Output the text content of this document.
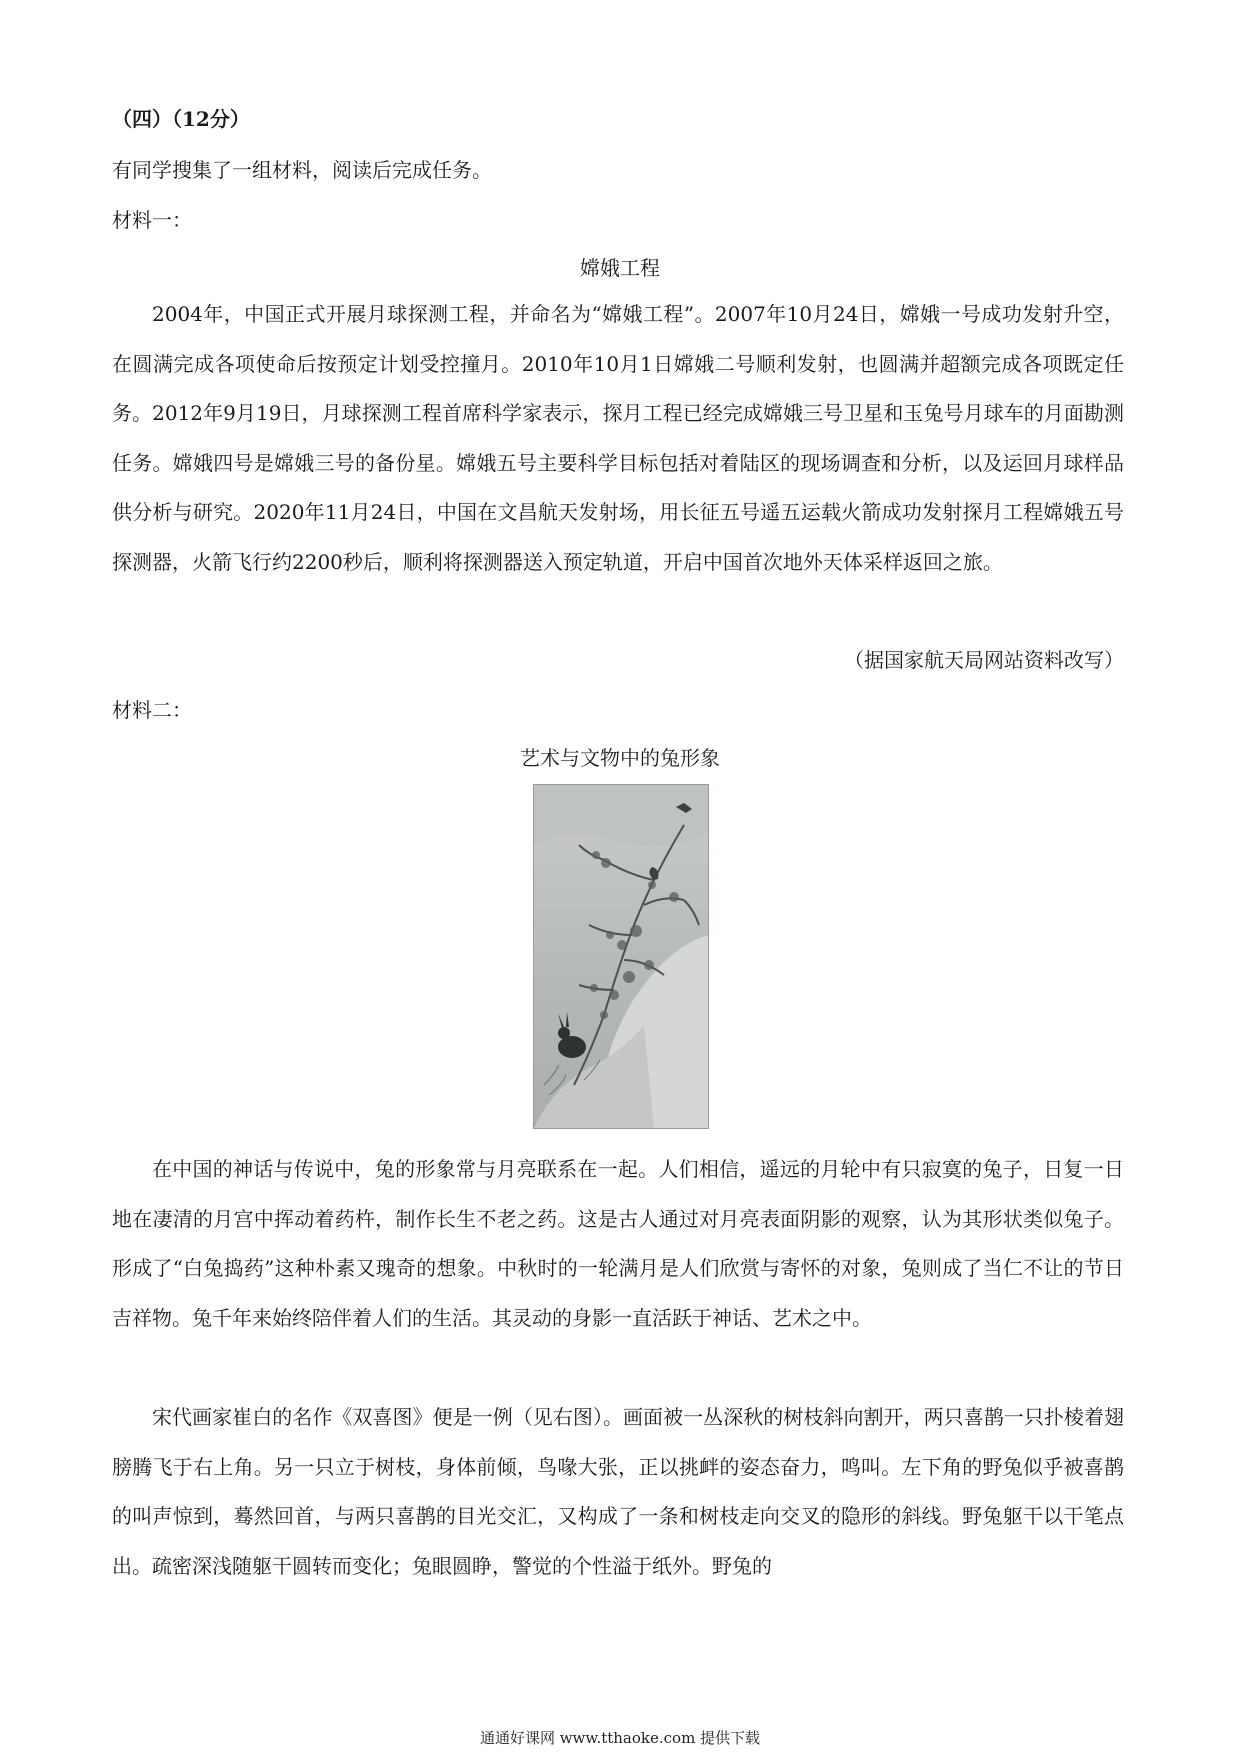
（四）（12分）
有同学搜集了一组材料，阅读后完成任务。
材料一：
嫦娥工程

2004年，中国正式开展月球探测工程，并命名为“嫦娥工程”。2007年10月24日，嫦娥一号成功发射升空，在圆满完成各项使命后按预定计划受控撞月。2010年10月1日嫦娥二号顺利发射，也圆满并超额完成各项既定任务。2012年9月19日，月球探测工程首席科学家表示，探月工程已经完成嫦娥三号卫星和玉兔号月球车的月面勘测任务。嫦娥四号是嫦娥三号的备份星。嫦娥五号主要科学目标包括对着陆区的现场调查和分析，以及运回月球样品供分析与研究。2020年11月24日，中国在文昌航天发射场，用长征五号遥五运载火箭成功发射探月工程嫦娥五号探测器，火箭飞行约2200秒后，顺利将探测器送入预定轨道，开启中国首次地外天体采样返回之旅。

（据国家航天局网站资料改写）
材料二：
艺术与文物中的兔形象

在中国的神话与传说中，兔的形象常与月亮联系在一起。人们相信，遥远的月轮中有只寂寞的兔子，日复一日地在凄清的月宫中挥动着药杵，制作长生不老之药。这是古人通过对月亮表面阴影的观察，认为其形状类似兔子。形成了“白兔捣药”这种朴素又瑰奇的想象。中秋时的一轮满月是人们欣赏与寄怀的对象，兔则成了当仁不让的节日吉祥物。兔千年来始终陪伴着人们的生活。其灵动的身影一直活跃于神话、艺术之中。

宋代画家崔白的名作《双喜图》便是一例（见右图）。画面被一丛深秋的树枝斜向割开，两只喜鹊一只扑棱着翅膀腾飞于右上角。另一只立于树枝，身体前倾，鸟喙大张，正以挑衅的姿态奋力，鸣叫。左下角的野兔似乎被喜鹊的叫声惊到，蓦然回首，与两只喜鹊的目光交汇，又构成了一条和树枝走向交叉的隐形的斜线。野兔躯干以干笔点出。疏密深浅随躯干圆转而变化；兔眼圆睁，警觉的个性溢于纸外。野兔的

通通好课网 www.tthaoke.com 提供下载
